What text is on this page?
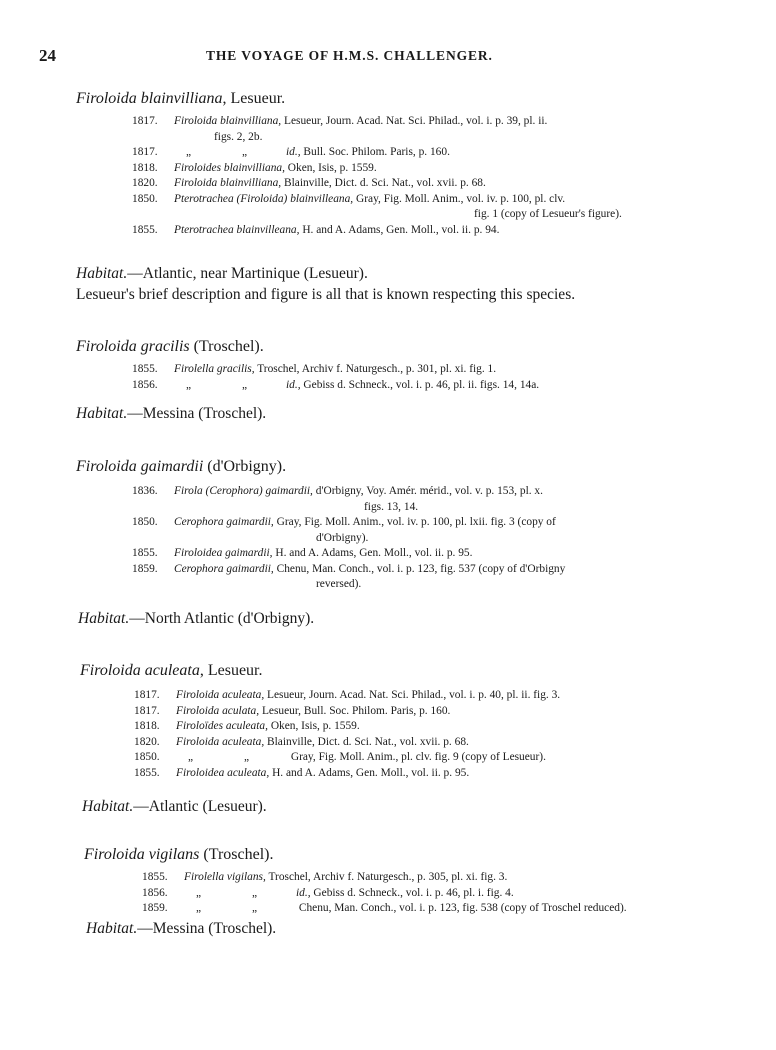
24	THE VOYAGE OF H.M.S. CHALLENGER.
Firoloida blainvilliana, Lesueur.
1817. Firoloida blainvilliana, Lesueur, Journ. Acad. Nat. Sci. Philad., vol. i. p. 39, pl. ii.
figs. 2, 2b.
1817.	„	„	id., Bull. Soc. Philom. Paris, p. 160.
1818. Firoloides blainvilliana, Oken, Isis, p. 1559.
1820. Firoloida blainvilliana, Blainville, Dict. d. Sci. Nat., vol. xvii. p. 68.
1850. Pterotrachea (Firoloida) blainvilleana, Gray, Fig. Moll. Anim., vol. iv. p. 100, pl. clv.
fig. 1 (copy of Lesueur's figure).
1855. Pterotrachea blainvilleana, H. and A. Adams, Gen. Moll., vol. ii. p. 94.
Habitat.—Atlantic, near Martinique (Lesueur).
Lesueur's brief description and figure is all that is known respecting this species.
Firoloida gracilis (Troschel).
1855. Firolella gracilis, Troschel, Archiv f. Naturgesch., p. 301, pl. xi. fig. 1.
1856.	„	„	id., Gebiss d. Schneck., vol. i. p. 46, pl. ii. figs. 14, 14a.
Habitat.—Messina (Troschel).
Firoloida gaimardii (d'Orbigny).
1836. Firola (Cerophora) gaimardii, d'Orbigny, Voy. Amér. mérid., vol. v. p. 153, pl. x.
figs. 13, 14.
1850. Cerophora gaimardii, Gray, Fig. Moll. Anim., vol. iv. p. 100, pl. lxii. fig. 3 (copy of
d'Orbigny).
1855. Firoloidea gaimardii, H. and A. Adams, Gen. Moll., vol. ii. p. 95.
1859. Cerophora gaimardii, Chenu, Man. Conch., vol. i. p. 123, fig. 537 (copy of d'Orbigny
reversed).
Habitat.—North Atlantic (d'Orbigny).
Firoloida aculeata, Lesueur.
1817. Firoloida aculeata, Lesueur, Journ. Acad. Nat. Sci. Philad., vol. i. p. 40, pl. ii. fig. 3.
1817. Firoloida aculata, Lesueur, Bull. Soc. Philom. Paris, p. 160.
1818. Firoloïdes aculeata, Oken, Isis, p. 1559.
1820. Firoloida aculeata, Blainville, Dict. d. Sci. Nat., vol. xvii. p. 68.
1850.	„	„	Gray, Fig. Moll. Anim., pl. clv. fig. 9 (copy of Lesueur).
1855. Firoloidea aculeata, H. and A. Adams, Gen. Moll., vol. ii. p. 95.
Habitat.—Atlantic (Lesueur).
Firoloida vigilans (Troschel).
1855. Firolella vigilans, Troschel, Archiv f. Naturgesch., p. 305, pl. xi. fig. 3.
1856.	„	„	id., Gebiss d. Schneck., vol. i. p. 46, pl. i. fig. 4.
1859.	„	„	Chenu, Man. Conch., vol. i. p. 123, fig. 538 (copy of Troschel reduced).
Habitat.—Messina (Troschel).
